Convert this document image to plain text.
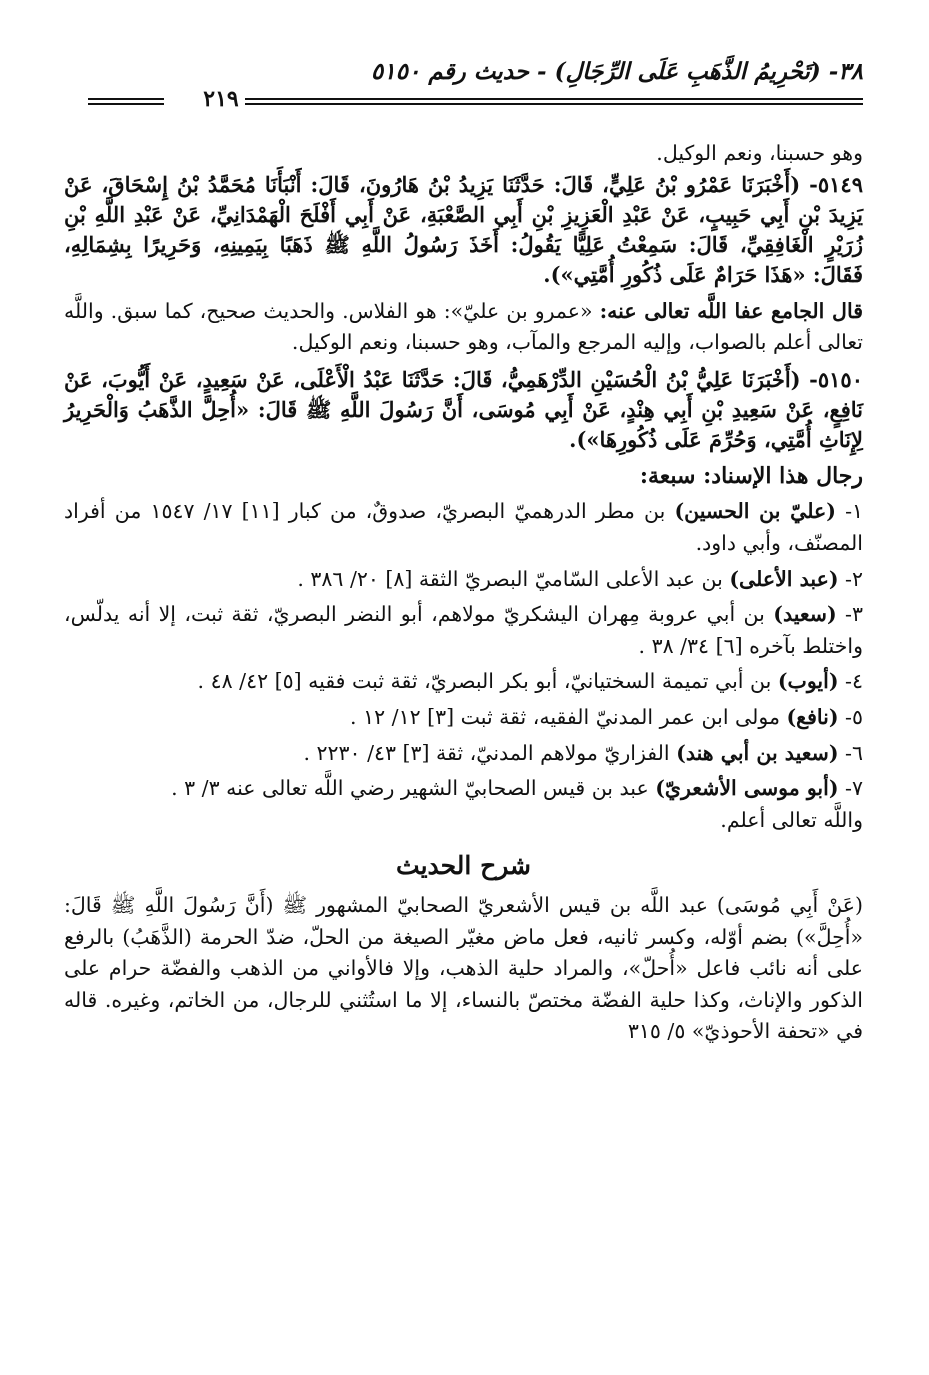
٣٨- (تَحْرِيمُ الذَّهَبِ عَلَى الرِّجَالِ) - حديث رقم ٥١٥٠
٢١٩

وهو حسبنا، ونعم الوكيل.

٥١٤٩- (أَخْبَرَنَا عَمْرُو بْنُ عَلِيٍّ، قَالَ: حَدَّثَنَا يَزِيدُ بْنُ هَارُونَ، قَالَ: أَنْبَأَنَا مُحَمَّدُ بْنُ إِسْحَاقَ، عَنْ يَزِيدَ بْنِ أَبِي حَبِيبٍ، عَنْ عَبْدِ الْعَزِيزِ بْنِ أَبِي الصَّعْبَةِ، عَنْ أَبِي أَفْلَحَ الْهَمْدَانِيِّ، عَنْ عَبْدِ اللَّهِ بْنِ زُرَيْرٍ الْغَافِقِيِّ، قَالَ: سَمِعْتُ عَلِيًّا يَقُولُ: أَخَذَ رَسُولُ اللَّهِ ﷺ ذَهَبًا بِيَمِينِهِ، وَحَرِيرًا بِشِمَالِهِ، فَقَالَ: «هَذَا حَرَامٌ عَلَى ذُكُورِ أُمَّتِي»).

قال الجامع عفا اللَّه تعالى عنه: «عمرو بن عليّ»: هو الفلاس. والحديث صحيح، كما سبق. واللَّه تعالى أعلم بالصواب، وإليه المرجع والمآب، وهو حسبنا، ونعم الوكيل.

٥١٥٠- (أَخْبَرَنَا عَلِيُّ بْنُ الْحُسَيْنِ الدِّرْهَمِيُّ، قَالَ: حَدَّثَنَا عَبْدُ الْأَعْلَى، عَنْ سَعِيدٍ، عَنْ أَيُّوبَ، عَنْ نَافِعٍ، عَنْ سَعِيدِ بْنِ أَبِي هِنْدٍ، عَنْ أَبِي مُوسَى، أَنَّ رَسُولَ اللَّهِ ﷺ قَالَ: «أُحِلَّ الذَّهَبُ وَالْحَرِيرُ لِإِنَاثِ أُمَّتِي، وَحُرِّمَ عَلَى ذُكُورِهَا»).

رجال هذا الإسناد: سبعة:

١- (عليّ بن الحسين) بن مطر الدرهميّ البصريّ، صدوقٌ، من كبار [١١] ١٧/ ١٥٤٧ من أفراد المصنّف، وأبي داود.

٢- (عبد الأعلى) بن عبد الأعلى السّاميّ البصريّ الثقة [٨] ٢٠/ ٣٨٦ .

٣- (سعيد) بن أبي عروبة مِهران اليشكريّ مولاهم، أبو النضر البصريّ، ثقة ثبت، إلا أنه يدلّس، واختلط بآخره [٦] ٣٤/ ٣٨ .

٤- (أيوب) بن أبي تميمة السختيانيّ، أبو بكر البصريّ، ثقة ثبت فقيه [٥] ٤٢/ ٤٨ .

٥- (نافع) مولى ابن عمر المدنيّ الفقيه، ثقة ثبت [٣] ١٢/ ١٢ .

٦- (سعيد بن أبي هند) الفزاريّ مولاهم المدنيّ، ثقة [٣] ٤٣/ ٢٢٣٠ .

٧- (أبو موسى الأشعريّ) عبد بن قيس الصحابيّ الشهير رضي اللَّه تعالى عنه ٣/ ٣ .

واللَّه تعالى أعلم.

شرح الحديث

(عَنْ أَبِي مُوسَى) عبد اللَّه بن قيس الأشعريّ الصحابيّ المشهور ﷺ (أَنَّ رَسُولَ اللَّهِ ﷺ قَالَ: «أُحِلَّ») بضم أوّله، وكسر ثانيه، فعل ماض مغيّر الصيغة من الحلّ، ضدّ الحرمة (الذَّهَبُ) بالرفع على أنه نائب فاعل «أُحلّ»، والمراد حلية الذهب، وإلا فالأواني من الذهب والفضّة حرام على الذكور والإناث، وكذا حلية الفضّة مختصّ بالنساء، إلا ما استُثني للرجال، من الخاتم، وغيره. قاله في «تحفة الأحوذيّ» ٥/ ٣١٥
